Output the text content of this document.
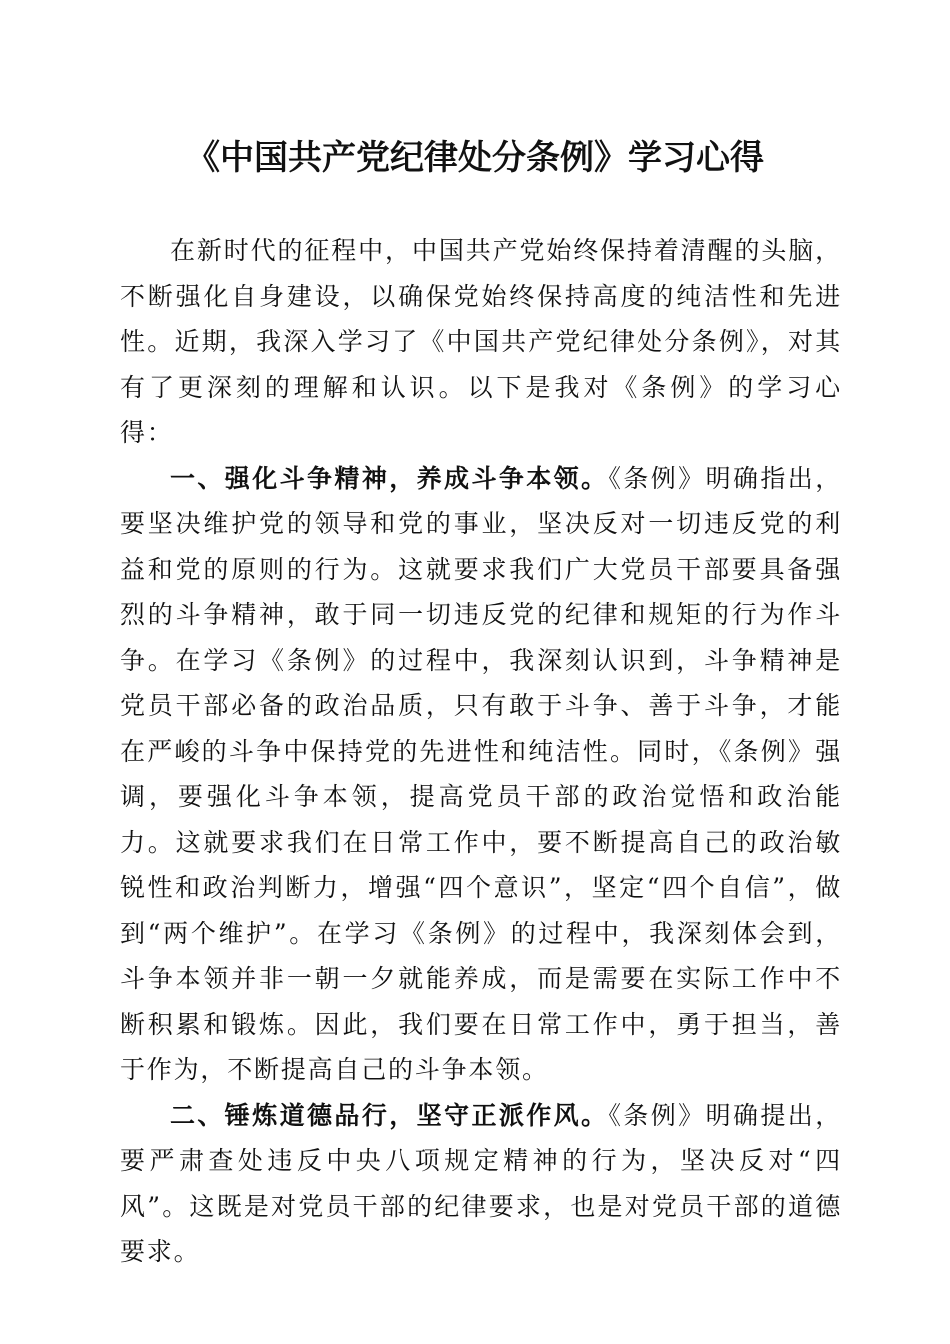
《中国共产党纪律处分条例》学习心得

在新时代的征程中，中国共产党始终保持着清醒的头脑，不断强化自身建设，以确保党始终保持高度的纯洁性和先进性。近期，我深入学习了《中国共产党纪律处分条例》，对其有了更深刻的理解和认识。以下是我对《条例》的学习心得：

一、强化斗争精神，养成斗争本领。《条例》明确指出，要坚决维护党的领导和党的事业，坚决反对一切违反党的利益和党的原则的行为。这就要求我们广大党员干部要具备强烈的斗争精神，敢于同一切违反党的纪律和规矩的行为作斗争。在学习《条例》的过程中，我深刻认识到，斗争精神是党员干部必备的政治品质，只有敢于斗争、善于斗争，才能在严峻的斗争中保持党的先进性和纯洁性。同时，《条例》强调，要强化斗争本领，提高党员干部的政治觉悟和政治能力。这就要求我们在日常工作中，要不断提高自己的政治敏锐性和政治判断力，增强“四个意识”，坚定“四个自信”，做到“两个维护”。在学习《条例》的过程中，我深刻体会到，斗争本领并非一朝一夕就能养成，而是需要在实际工作中不断积累和锻炼。因此，我们要在日常工作中，勇于担当，善于作为，不断提高自己的斗争本领。

二、锤炼道德品行，坚守正派作风。《条例》明确提出，要严肃查处违反中央八项规定精神的行为，坚决反对“四风”。这既是对党员干部的纪律要求，也是对党员干部的道德要求。
